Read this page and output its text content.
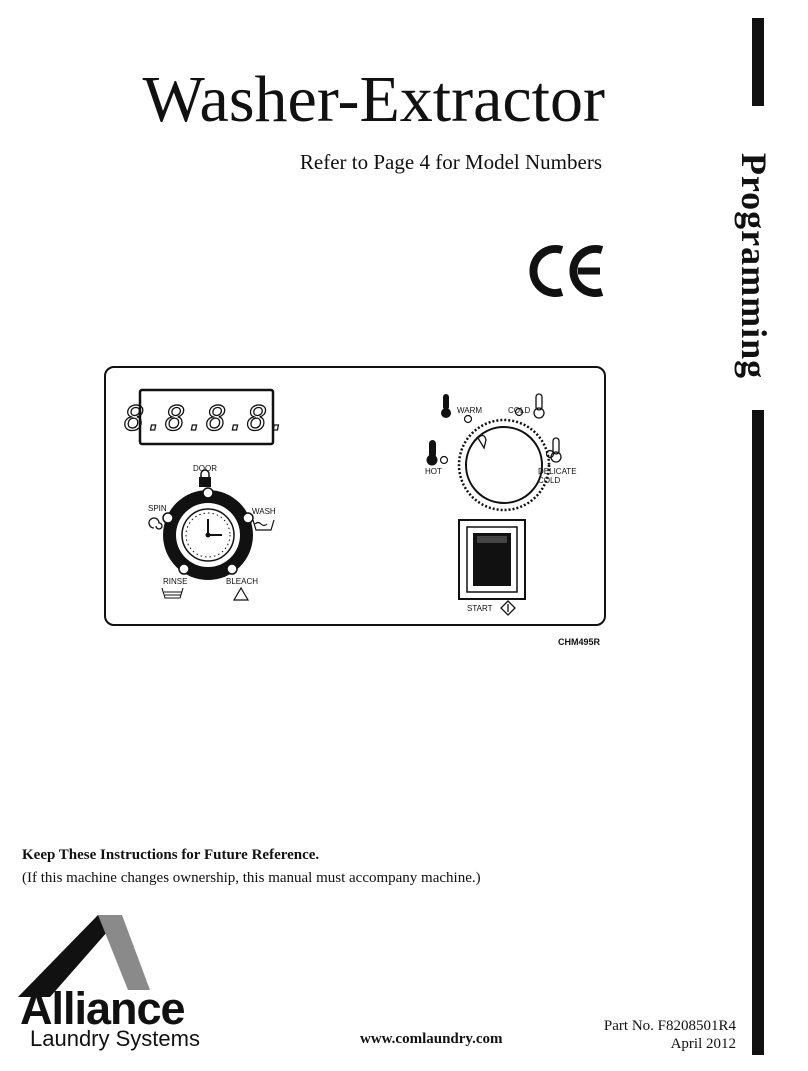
Washer-Extractor
Refer to Page 4 for Model Numbers	Programming
8.8.8.8.
DOOR
SPIN	WASH
RINSE	BLEACH
WARM	COLD
HOT	DELICATE
COLD
START
CHM495R
Keep These Instructions for Future Reference.
(If this machine changes ownership, this manual must accompany machine.)
Alliance
Laundry Systems	www.comlaundry.com
Part No. F8208501R4
April 2012
